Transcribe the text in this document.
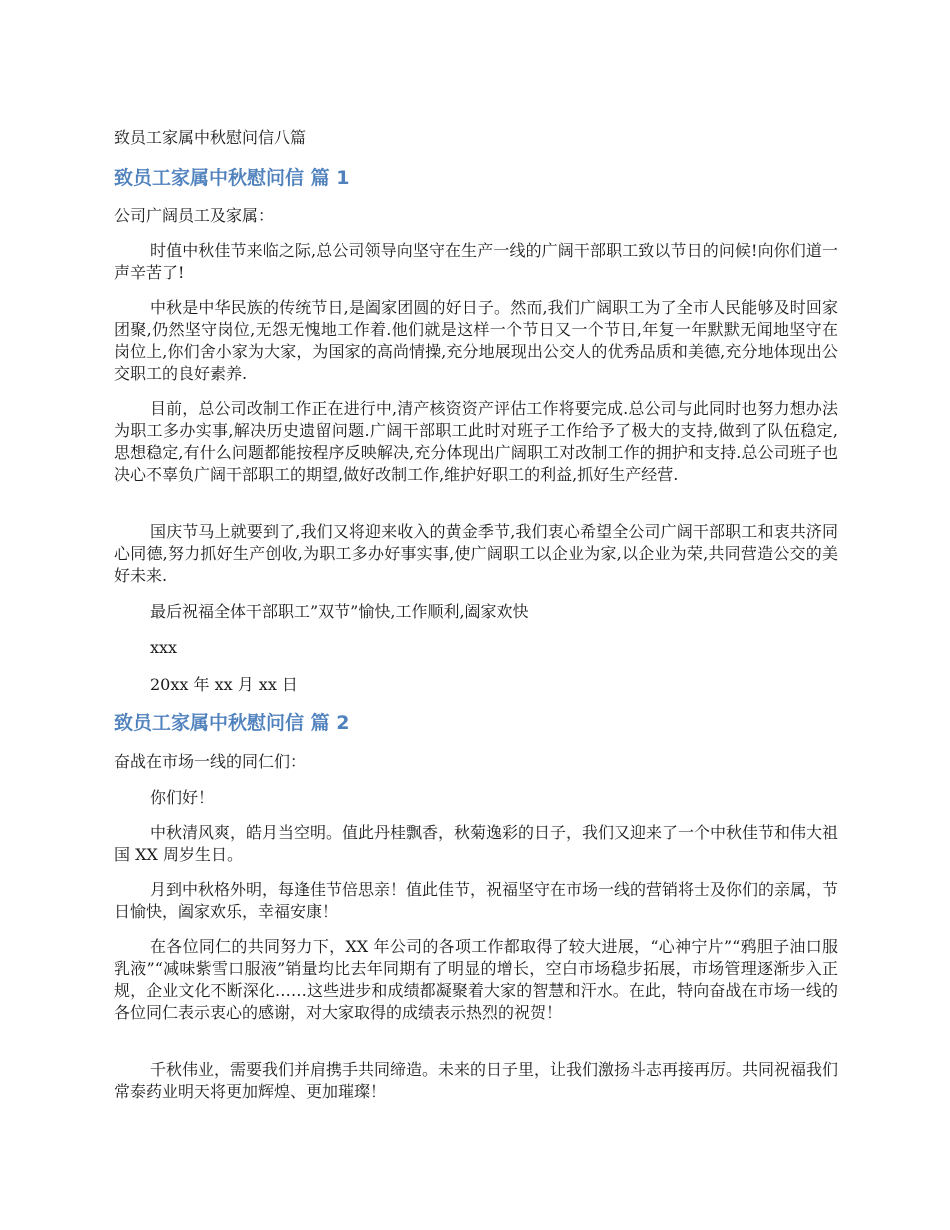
致员工家属中秋慰问信八篇

致员工家属中秋慰问信 篇 1

公司广阔员工及家属：

时值中秋佳节来临之际,总公司领导向坚守在生产一线的广阔干部职工致以节日的问候!向你们道一声辛苦了!

中秋是中华民族的传统节日,是阖家团圆的好日子。然而,我们广阔职工为了全市人民能够及时回家团聚,仍然坚守岗位,无怨无愧地工作着.他们就是这样一个节日又一个节日,年复一年默默无闻地坚守在岗位上,你们舍小家为大家，为国家的高尚情操,充分地展现出公交人的优秀品质和美德,充分地体现出公交职工的良好素养.

目前，总公司改制工作正在进行中,清产核资资产评估工作将要完成.总公司与此同时也努力想办法为职工多办实事,解决历史遗留问题.广阔干部职工此时对班子工作给予了极大的支持,做到了队伍稳定,思想稳定,有什么问题都能按程序反映解决,充分体现出广阔职工对改制工作的拥护和支持.总公司班子也决心不辜负广阔干部职工的期望,做好改制工作,维护好职工的利益,抓好生产经营.

国庆节马上就要到了,我们又将迎来收入的黄金季节,我们衷心希望全公司广阔干部职工和衷共济同心同德,努力抓好生产创收,为职工多办好事实事,使广阔职工以企业为家,以企业为荣,共同营造公交的美好未来.

最后祝福全体干部职工”双节”愉快,工作顺利,阖家欢快

xxx

20xx 年 xx 月 xx 日

致员工家属中秋慰问信 篇 2

奋战在市场一线的同仁们：

你们好！

中秋清风爽，皓月当空明。值此丹桂飘香，秋菊逸彩的日子，我们又迎来了一个中秋佳节和伟大祖国 XX 周岁生日。

月到中秋格外明，每逢佳节倍思亲！值此佳节，祝福坚守在市场一线的营销将士及你们的亲属，节日愉快，阖家欢乐，幸福安康！

在各位同仁的共同努力下，XX 年公司的各项工作都取得了较大进展，“心神宁片”“鸦胆子油口服乳液”“减味紫雪口服液”销量均比去年同期有了明显的增长，空白市场稳步拓展，市场管理逐渐步入正规，企业文化不断深化……这些进步和成绩都凝聚着大家的智慧和汗水。在此，特向奋战在市场一线的各位同仁表示衷心的感谢，对大家取得的成绩表示热烈的祝贺！

千秋伟业，需要我们并肩携手共同缔造。未来的日子里，让我们激扬斗志再接再厉。共同祝福我们常泰药业明天将更加辉煌、更加璀璨！
